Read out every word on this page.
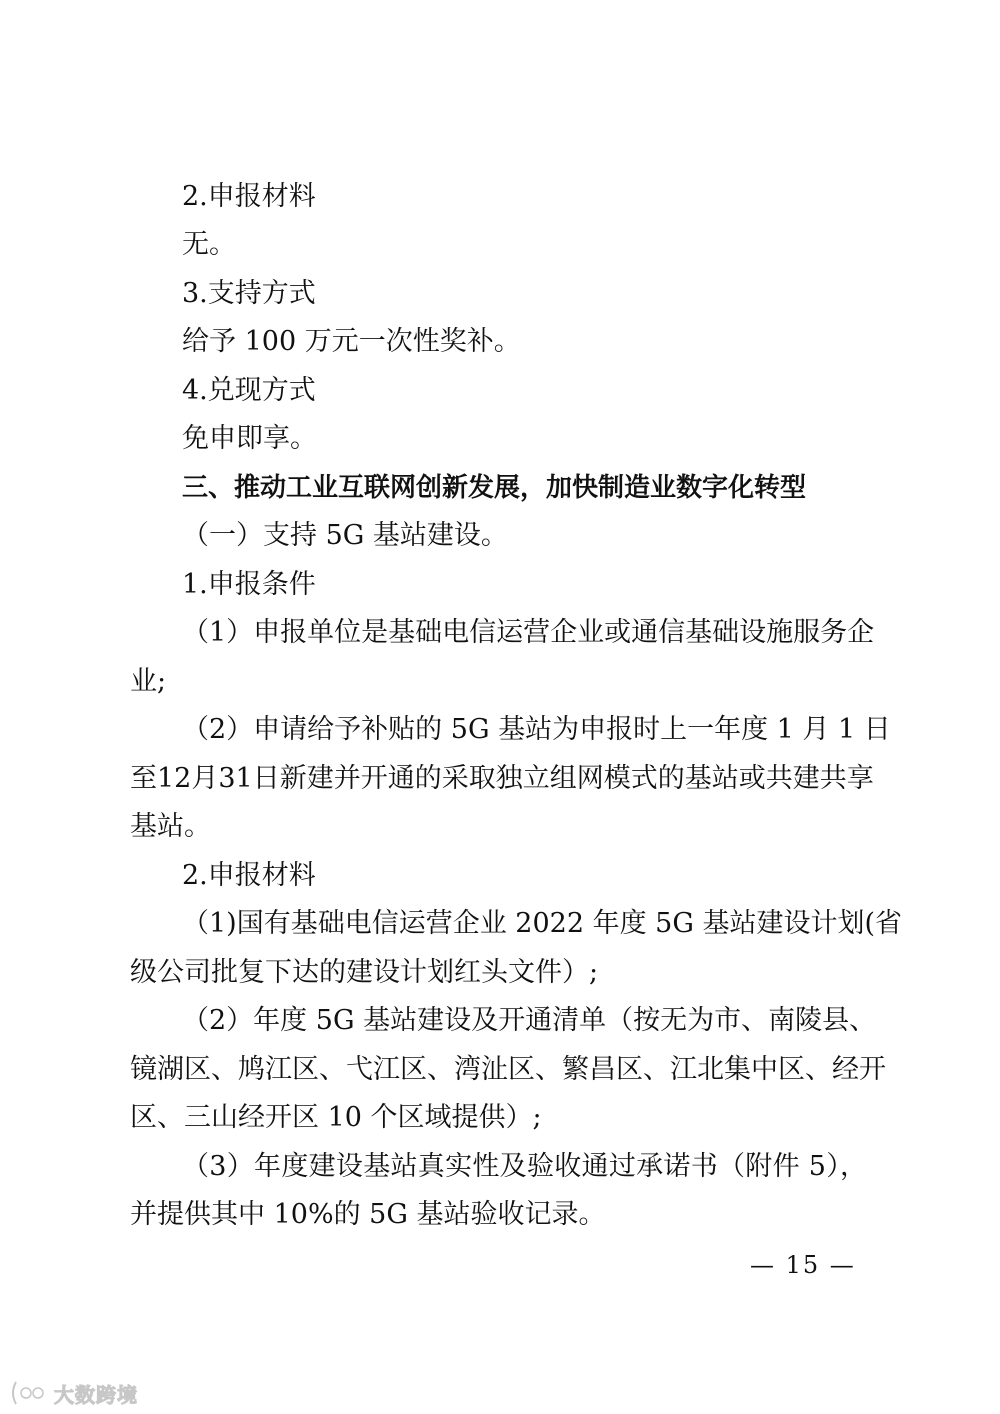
2.申报材料
无。
3.支持方式
给予 100 万元一次性奖补。
4.兑现方式
免申即享。
三、推动工业互联网创新发展，加快制造业数字化转型
（一）支持 5G 基站建设。
1.申报条件
（1）申报单位是基础电信运营企业或通信基础设施服务企
业;
（2）申请给予补贴的 5G 基站为申报时上一年度 1 月 1 日
至12月31日新建并开通的采取独立组网模式的基站或共建共享
基站。
2.申报材料
（1)国有基础电信运营企业 2022 年度 5G 基站建设计划(省
级公司批复下达的建设计划红头文件）;
（2）年度 5G 基站建设及开通清单（按无为市、南陵县、
镜湖区、鸠江区、弋江区、湾沚区、繁昌区、江北集中区、经开
区、三山经开区 10 个区域提供）;
（3）年度建设基站真实性及验收通过承诺书（附件 5），
并提供其中 10%的 5G 基站验收记录。
— 15 —
大数跨境
